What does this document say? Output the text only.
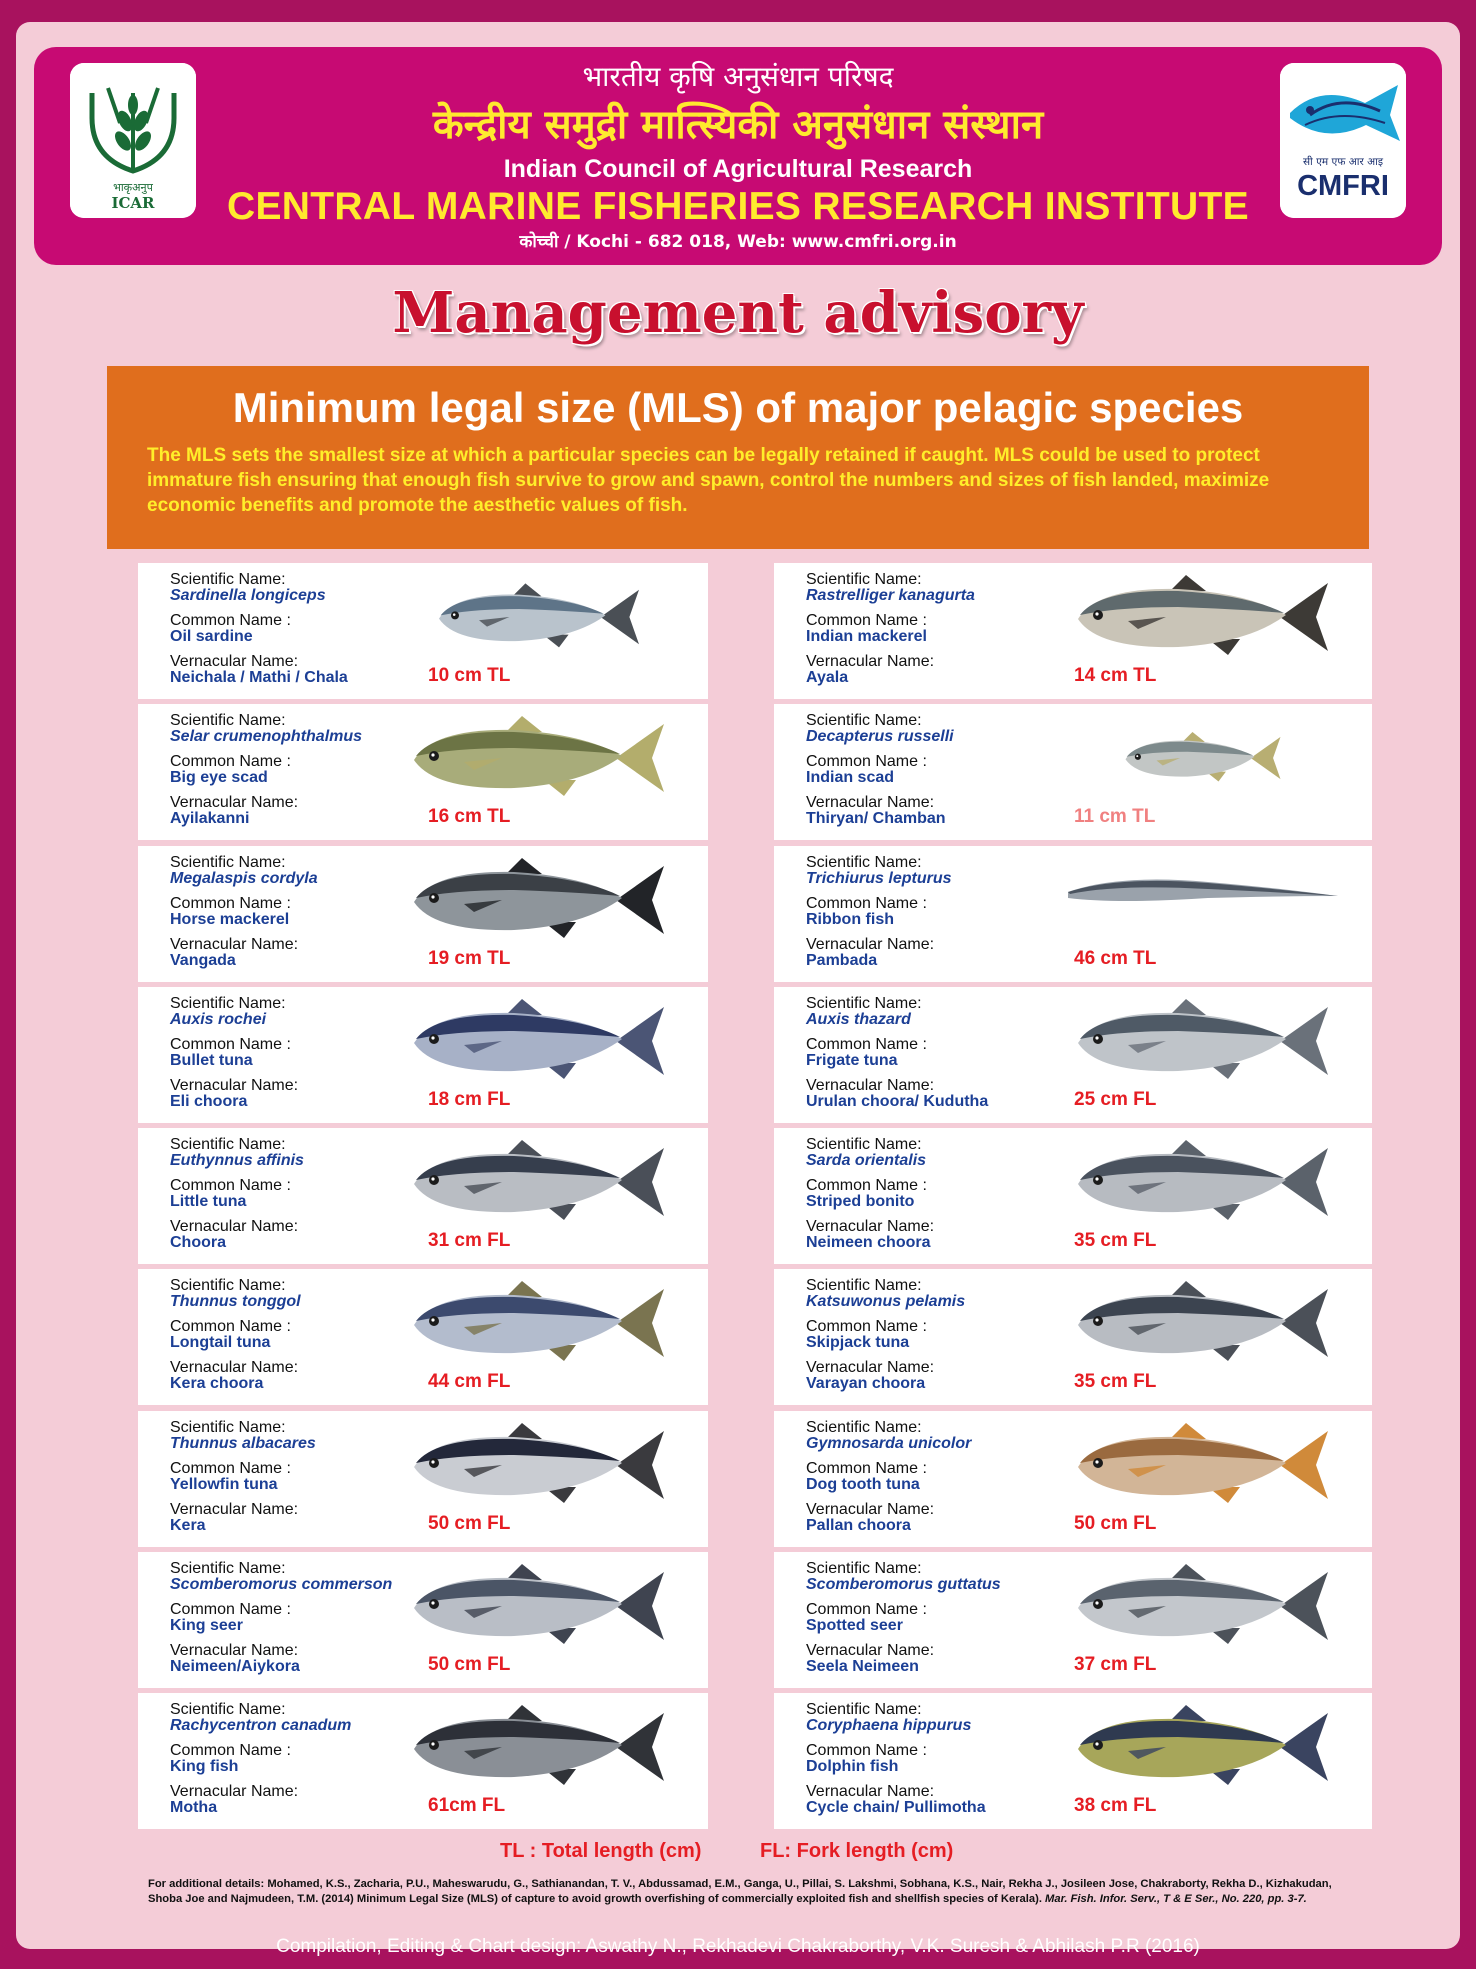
भाकृअनुप
ICAR
सी एम एफ आर आइ
CMFRI
भारतीय कृषि अनुसंधान परिषद
केन्द्रीय समुद्री मात्स्यिकी अनुसंधान संस्थान
Indian Council of Agricultural Research
CENTRAL MARINE FISHERIES RESEARCH INSTITUTE
कोच्ची / Kochi - 682 018, Web: www.cmfri.org.in
Management advisory
Minimum legal size (MLS) of major pelagic species
The MLS sets the smallest size at which a particular species can be legally retained if caught. MLS could be used to protect immature fish ensuring that enough fish survive to grow and spawn, control the numbers and sizes of fish landed, maximize economic benefits and promote the aesthetic values of fish.
Scientific Name:
Sardinella longiceps
Common Name :
Oil sardine
Vernacular Name:
Neichala / Mathi / Chala	10 cm TL
Scientific Name:
Rastrelliger kanagurta
Common Name :
Indian mackerel
Vernacular Name:
Ayala	14 cm TL
Scientific Name:
Selar crumenophthalmus
Common Name :
Big eye scad
Vernacular Name:
Ayilakanni	16 cm TL
Scientific Name:
Decapterus russelli
Common Name :
Indian scad
Vernacular Name:
Thiryan/ Chamban	11 cm TL
Scientific Name:
Megalaspis cordyla
Common Name :
Horse mackerel
Vernacular Name:
Vangada	19 cm TL
Scientific Name:
Trichiurus lepturus
Common Name :
Ribbon fish
Vernacular Name:
Pambada	46 cm TL
Scientific Name:
Auxis rochei
Common Name :
Bullet tuna
Vernacular Name:
Eli choora	18 cm FL
Scientific Name:
Auxis thazard
Common Name :
Frigate tuna
Vernacular Name:
Urulan choora/ Kudutha	25 cm FL
Scientific Name:
Euthynnus affinis
Common Name :
Little tuna
Vernacular Name:
Choora	31 cm FL
Scientific Name:
Sarda orientalis
Common Name :
Striped bonito
Vernacular Name:
Neimeen choora	35 cm FL
Scientific Name:
Thunnus tonggol
Common Name :
Longtail tuna
Vernacular Name:
Kera choora	44 cm FL
Scientific Name:
Katsuwonus pelamis
Common Name :
Skipjack tuna
Vernacular Name:
Varayan choora	35 cm FL
Scientific Name:
Thunnus albacares
Common Name :
Yellowfin tuna
Vernacular Name:
Kera	50 cm FL
Scientific Name:
Gymnosarda unicolor
Common Name :
Dog tooth tuna
Vernacular Name:
Pallan choora	50 cm FL
Scientific Name:
Scomberomorus commerson
Common Name :
King seer
Vernacular Name:
Neimeen/Aiykora	50 cm FL
Scientific Name:
Scomberomorus guttatus
Common Name :
Spotted seer
Vernacular Name:
Seela Neimeen	37 cm FL
Scientific Name:
Rachycentron canadum
Common Name :
King fish
Vernacular Name:
Motha	61cm FL
Scientific Name:
Coryphaena hippurus
Common Name :
Dolphin fish
Vernacular Name:
Cycle chain/ Pullimotha	38 cm FL
TL : Total length (cm)	FL: Fork length (cm)
For additional details: Mohamed, K.S., Zacharia, P.U., Maheswarudu, G., Sathianandan, T. V., Abdussamad, E.M., Ganga, U., Pillai, S. Lakshmi, Sobhana, K.S., Nair, Rekha J., Josileen Jose, Chakraborty, Rekha D., Kizhakudan, Shoba Joe and Najmudeen, T.M. (2014) Minimum Legal Size (MLS) of capture to avoid growth overfishing of commercially exploited fish and shellfish species of Kerala). Mar. Fish. Infor. Serv., T & E Ser., No. 220, pp. 3-7.
Compilation, Editing & Chart design: Aswathy N., Rekhadevi Chakraborthy, V.K. Suresh & Abhilash P.R (2016)
